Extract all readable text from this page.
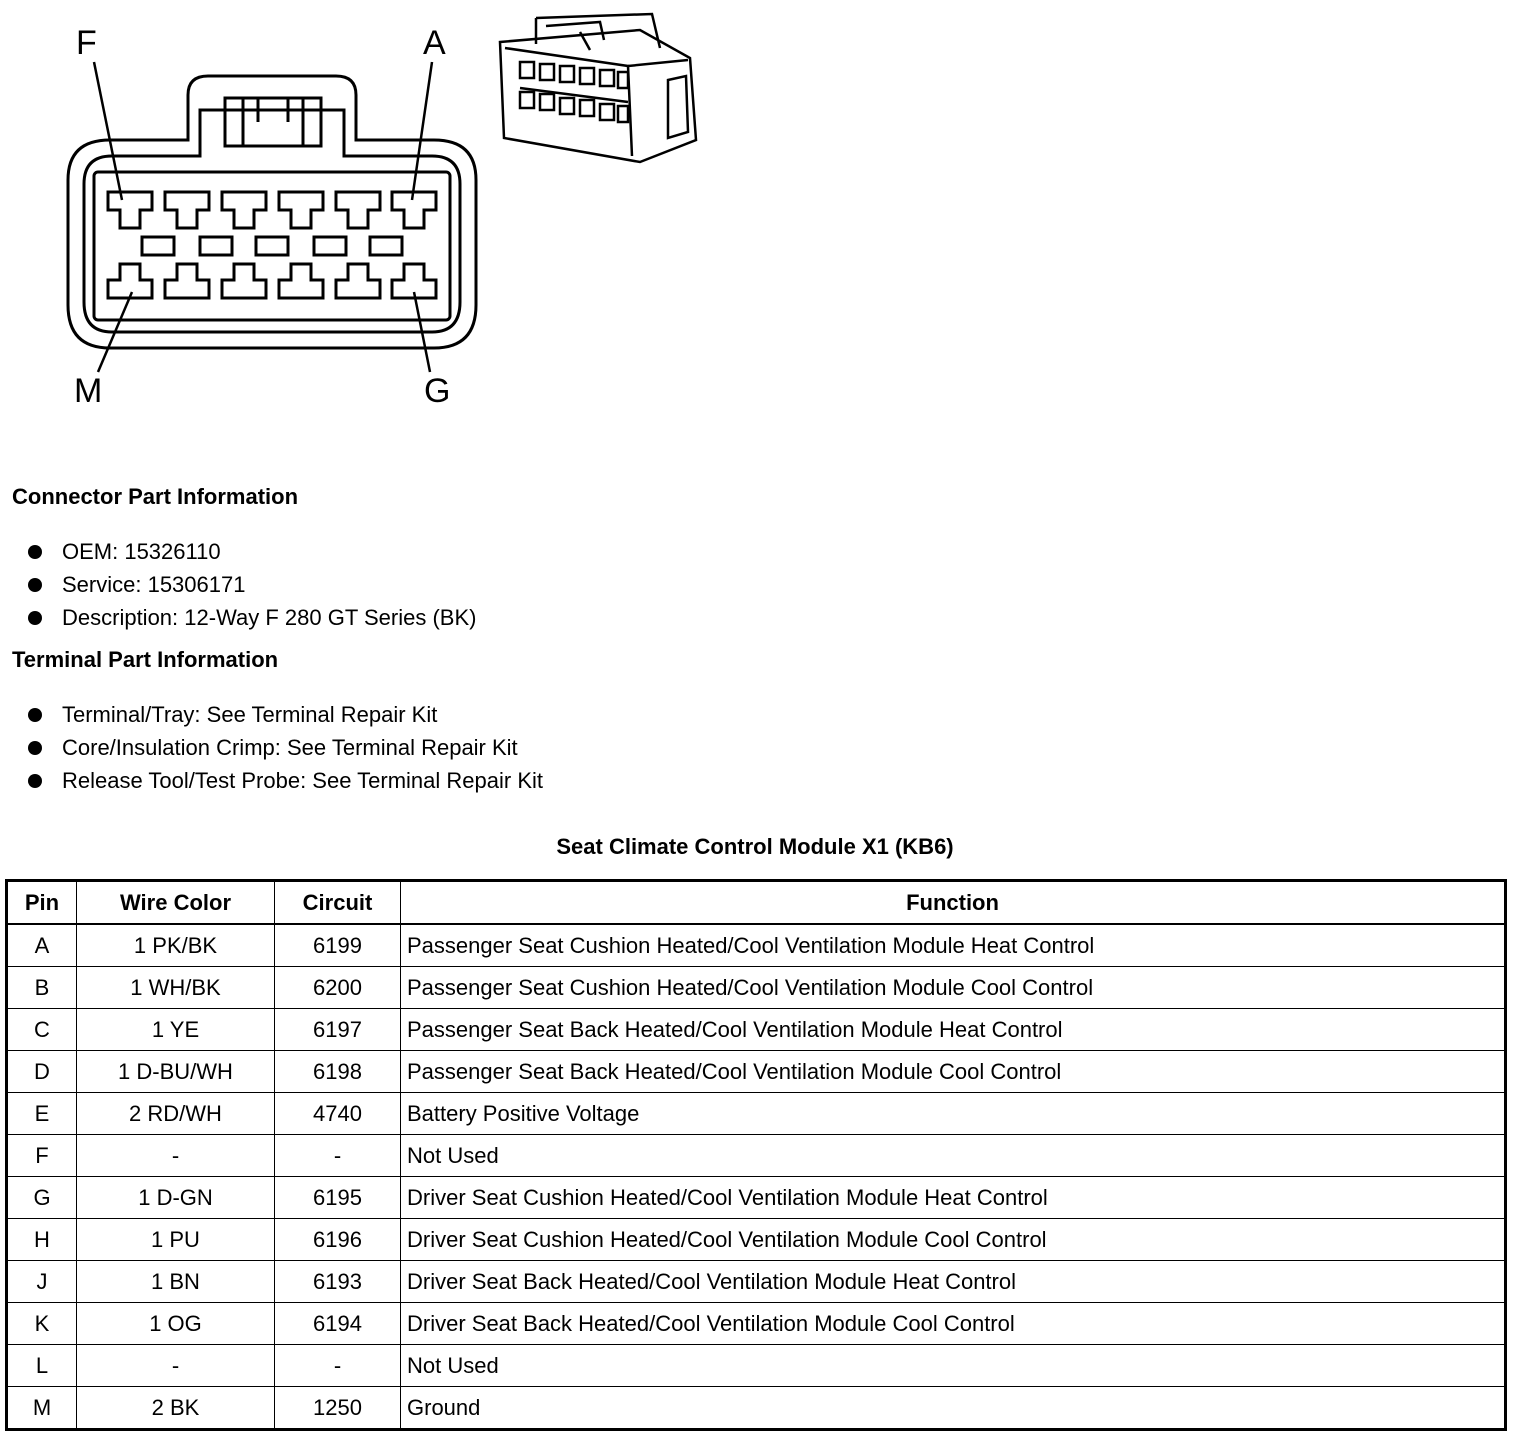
F	A
M	G
Connector Part Information
OEM: 15326110
Service: 15306171
Description: 12-Way F 280 GT Series (BK)
Terminal Part Information
Terminal/Tray: See Terminal Repair Kit
Core/Insulation Crimp: See Terminal Repair Kit
Release Tool/Test Probe: See Terminal Repair Kit
Seat Climate Control Module X1 (KB6)
Pin	Wire Color	Circuit	Function
A	1 PK/BK	6199	Passenger Seat Cushion Heated/Cool Ventilation Module Heat Control
B	1 WH/BK	6200	Passenger Seat Cushion Heated/Cool Ventilation Module Cool Control
C	1 YE	6197	Passenger Seat Back Heated/Cool Ventilation Module Heat Control
D	1 D-BU/WH	6198	Passenger Seat Back Heated/Cool Ventilation Module Cool Control
E	2 RD/WH	4740	Battery Positive Voltage
F	-	-	Not Used
G	1 D-GN	6195	Driver Seat Cushion Heated/Cool Ventilation Module Heat Control
H	1 PU	6196	Driver Seat Cushion Heated/Cool Ventilation Module Cool Control
J	1 BN	6193	Driver Seat Back Heated/Cool Ventilation Module Heat Control
K	1 OG	6194	Driver Seat Back Heated/Cool Ventilation Module Cool Control
L	-	-	Not Used
M	2 BK	1250	Ground
